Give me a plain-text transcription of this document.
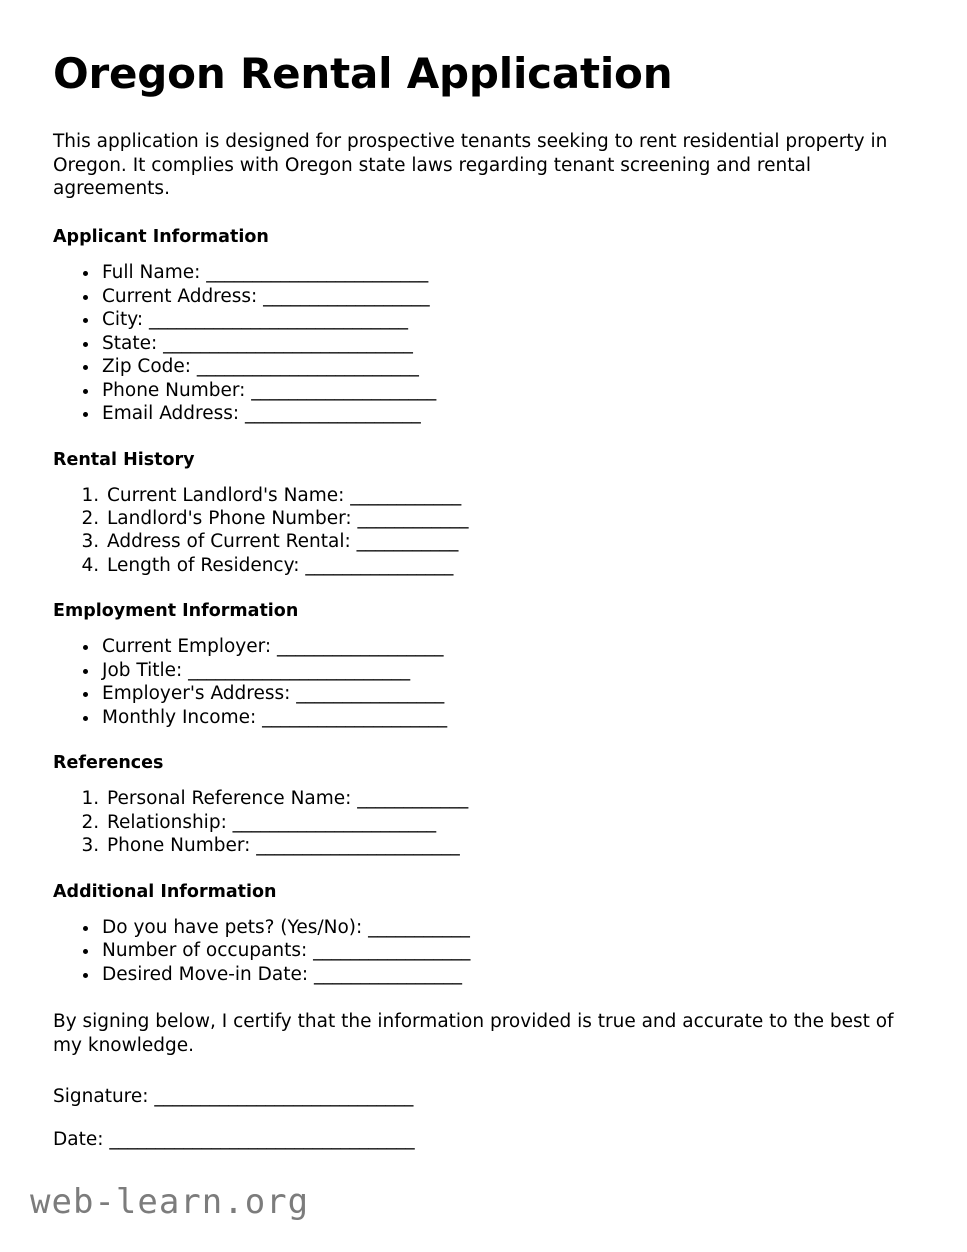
Oregon Rental Application

This application is designed for prospective tenants seeking to rent residential property in Oregon. It complies with Oregon state laws regarding tenant screening and rental agreements.

Applicant Information
• Full Name: ________________________
• Current Address: __________________
• City: ____________________________
• State: ___________________________
• Zip Code: ________________________
• Phone Number: ____________________
• Email Address: ___________________
Rental History
1. Current Landlord's Name: ____________
2. Landlord's Phone Number: ____________
3. Address of Current Rental: ___________
4. Length of Residency: ________________
Employment Information
• Current Employer: __________________
• Job Title: ________________________
• Employer's Address: ________________
• Monthly Income: ____________________
References
1. Personal Reference Name: ____________
2. Relationship: ______________________
3. Phone Number: ______________________
Additional Information
• Do you have pets? (Yes/No): ___________
• Number of occupants: _________________
• Desired Move-in Date: ________________

By signing below, I certify that the information provided is true and accurate to the best of my knowledge.

Signature: ____________________________
Date: _________________________________
web-learn.org
